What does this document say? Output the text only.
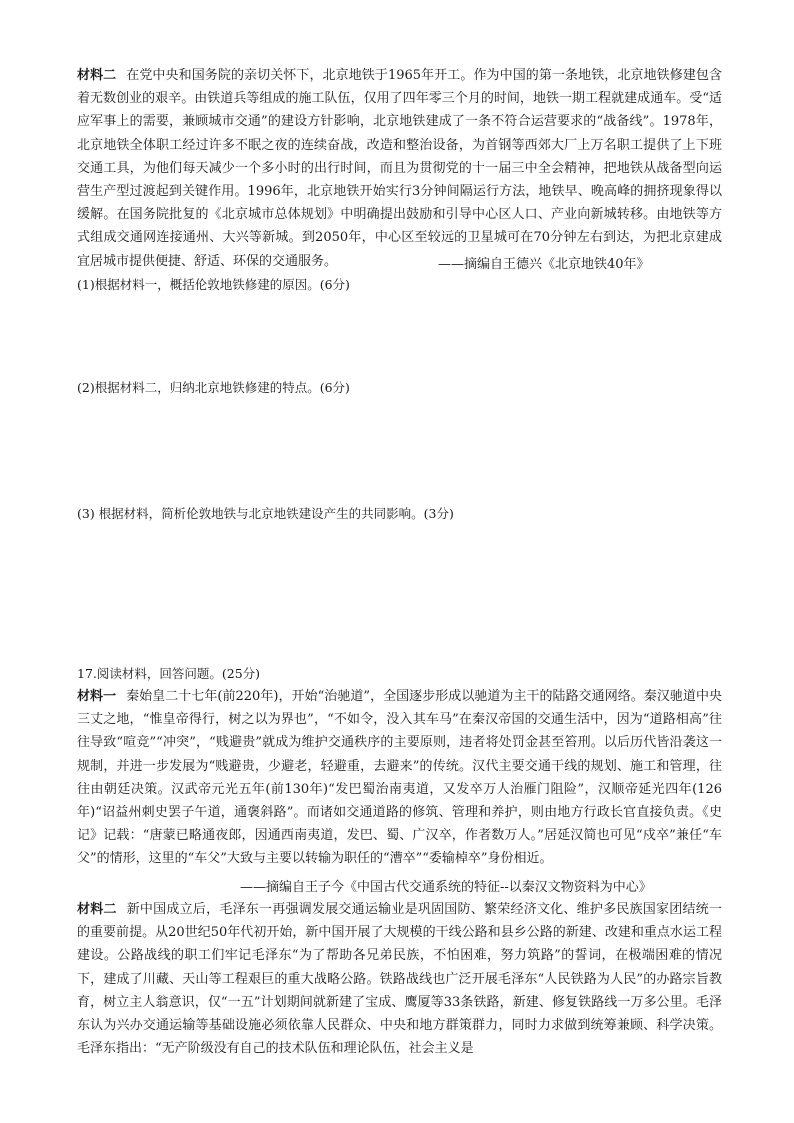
材料二 在党中央和国务院的亲切关怀下，北京地铁于1965年开工。作为中国的第一条地铁，北京地铁修建包含着无数创业的艰辛。由铁道兵等组成的施工队伍，仅用了四年零三个月的时间，地铁一期工程就建成通车。受“适应军事上的需要，兼顾城市交通”的建设方针影响，北京地铁建成了一条不符合运营要求的“战备线”。1978年，北京地铁全体职工经过许多不眠之夜的连续奋战，改造和整治设备，为首钢等西郊大厂上万名职工提供了上下班交通工具，为他们每天减少一个多小时的出行时间，而且为贯彻党的十一届三中全会精神，把地铁从战备型向运营生产型过渡起到关键作用。1996年，北京地铁开始实行3分钟间隔运行方法，地铁早、晚高峰的拥挤现象得以缓解。在国务院批复的《北京城市总体规划》中明确提出鼓励和引导中心区人口、产业向新城转移。由地铁等方式组成交通网连接通州、大兴等新城。到2050年，中心区至较远的卫星城可在70分钟左右到达，为把北京建成宜居城市提供便捷、舒适、环保的交通服务。	——摘编自王德兴《北京地铁40年》
(1)根据材料一，概括伦敦地铁修建的原因。(6分)
(2)根据材料二，归纳北京地铁修建的特点。(6分)
(3) 根据材料，简析伦敦地铁与北京地铁建设产生的共同影响。(3分)
17.阅读材料，回答问题。(25分)

材料一 秦始皇二十七年(前220年)，开始“治驰道”，全国逐步形成以驰道为主干的陆路交通网络。秦汉驰道中央三丈之地，“惟皇帝得行，树之以为界也”，“不如令，没入其车马”在秦汉帝国的交通生活中，因为“道路相高”往往导致“喧竞”“冲突”，“贱避贵”就成为维护交通秩序的主要原则，违者将处罚金甚至笞刑。以后历代皆沿袭这一规制，并进一步发展为“贱避贵，少避老，轻避重，去避来”的传统。汉代主要交通干线的规划、施工和管理，往往由朝廷决策。汉武帝元光五年(前130年)“发巴蜀治南夷道，又发卒万人治雁门阻险”，汉顺帝延光四年(126年)“诏益州刺史罢子午道，通褒斜路”。而诸如交通道路的修筑、管理和养护，则由地方行政长官直接负责。《史记》记载：“唐蒙已略通夜郎，因通西南夷道，发巴、蜀、广汉卒，作者数万人。”居延汉简也可见“戍卒”兼任“车父”的情形，这里的“车父”大致与主要以转输为职任的“漕卒”“委输棹卒”身份相近。

——摘编自王子今《中国古代交通系统的特征--以秦汉文物资料为中心》

材料二 新中国成立后，毛泽东一再强调发展交通运输业是巩固国防、繁荣经济文化、维护多民族国家团结统一的重要前提。从20世纪50年代初开始，新中国开展了大规模的干线公路和县乡公路的新建、改建和重点水运工程建设。公路战线的职工们牢记毛泽东“为了帮助各兄弟民族，不怕困难，努力筑路”的誓词，在极端困难的情况下，建成了川藏、天山等工程艰巨的重大战略公路。铁路战线也广泛开展毛泽东“人民铁路为人民”的办路宗旨教育，树立主人翁意识，仅“一五”计划期间就新建了宝成、鹰厦等33条铁路，新建、修复铁路线一万多公里。毛泽东认为兴办交通运输等基础设施必须依靠人民群众、中央和地方群策群力，同时力求做到统筹兼顾、科学决策。毛泽东指出：“无产阶级没有自己的技术队伍和理论队伍，社会主义是
